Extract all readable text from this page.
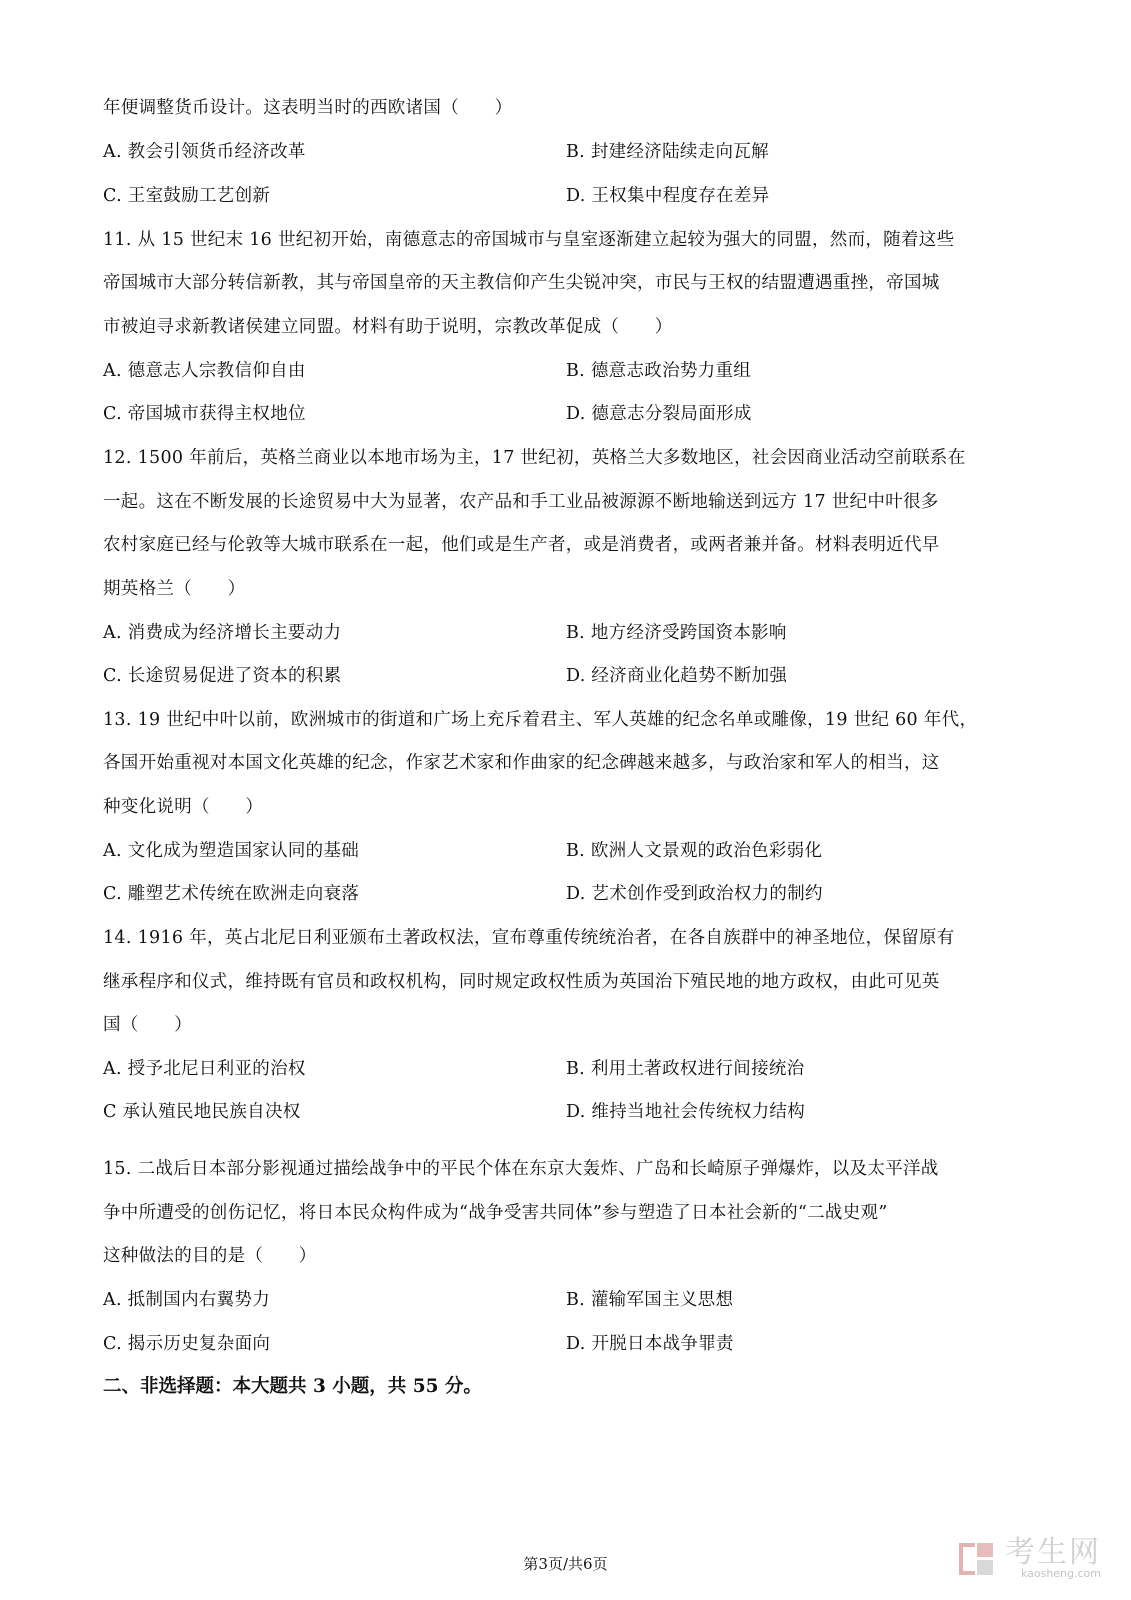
年便调整货币设计。这表明当时的西欧诸国（　　）
A. 教会引领货币经济改革	B. 封建经济陆续走向瓦解
C. 王室鼓励工艺创新	D. 王权集中程度存在差异
11. 从 15 世纪末 16 世纪初开始，南德意志的帝国城市与皇室逐渐建立起较为强大的同盟，然而，随着这些
帝国城市大部分转信新教，其与帝国皇帝的天主教信仰产生尖锐冲突，市民与王权的结盟遭遇重挫，帝国城
市被迫寻求新教诸侯建立同盟。材料有助于说明，宗教改革促成（　　）
A. 德意志人宗教信仰自由	B. 德意志政治势力重组
C. 帝国城市获得主权地位	D. 德意志分裂局面形成
12. 1500 年前后，英格兰商业以本地市场为主，17 世纪初，英格兰大多数地区，社会因商业活动空前联系在
一起。这在不断发展的长途贸易中大为显著，农产品和手工业品被源源不断地输送到远方 17 世纪中叶很多
农村家庭已经与伦敦等大城市联系在一起，他们或是生产者，或是消费者，或两者兼并备。材料表明近代早
期英格兰（　　）
A. 消费成为经济增长主要动力	B. 地方经济受跨国资本影响
C. 长途贸易促进了资本的积累	D. 经济商业化趋势不断加强
13. 19 世纪中叶以前，欧洲城市的街道和广场上充斥着君主、军人英雄的纪念名单或雕像，19 世纪 60 年代，
各国开始重视对本国文化英雄的纪念，作家艺术家和作曲家的纪念碑越来越多，与政治家和军人的相当，这
种变化说明（　　）
A. 文化成为塑造国家认同的基础	B. 欧洲人文景观的政治色彩弱化
C. 雕塑艺术传统在欧洲走向衰落	D. 艺术创作受到政治权力的制约
14. 1916 年，英占北尼日利亚颁布土著政权法，宣布尊重传统统治者，在各自族群中的神圣地位，保留原有
继承程序和仪式，维持既有官员和政权机构，同时规定政权性质为英国治下殖民地的地方政权，由此可见英
国（　　）
A. 授予北尼日利亚的治权	B. 利用土著政权进行间接统治
C 承认殖民地民族自决权	D. 维持当地社会传统权力结构
15. 二战后日本部分影视通过描绘战争中的平民个体在东京大轰炸、广岛和长崎原子弹爆炸，以及太平洋战
争中所遭受的创伤记忆，将日本民众构件成为“战争受害共同体”参与塑造了日本社会新的“二战史观”
这种做法的目的是（　　）
A. 抵制国内右翼势力	B. 灌输军国主义思想
C. 揭示历史复杂面向	D. 开脱日本战争罪责
二、非选择题：本大题共 3 小题，共 55 分。
第3页/共6页	考生网
kaosheng.com
